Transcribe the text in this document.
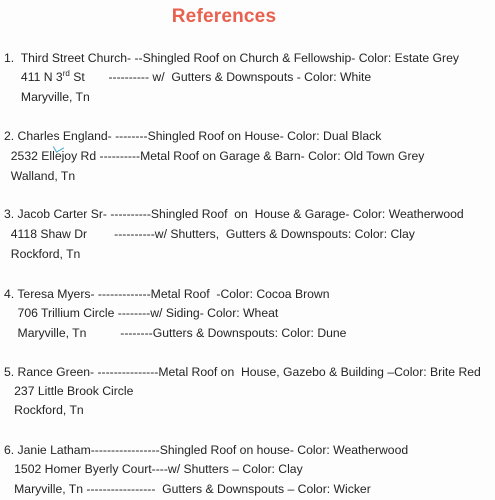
References
1.  Third Street Church- --Shingled Roof on Church & Fellowship- Color: Estate Grey
411 N 3rd St       ---------- w/  Gutters & Downspouts - Color: White
Maryville, Tn
2. Charles England- --------Shingled Roof on House- Color: Dual Black
2532 Ellejoy Rd ----------Metal Roof on Garage & Barn- Color: Old Town Grey
Walland, Tn
3. Jacob Carter Sr- ----------Shingled Roof  on  House & Garage- Color: Weatherwood
4118 Shaw Dr        ----------w/ Shutters,  Gutters & Downspouts: Color: Clay
Rockford, Tn
4. Teresa Myers- -------------Metal Roof  -Color: Cocoa Brown
706 Trillium Circle --------w/ Siding- Color: Wheat
Maryville, Tn          --------Gutters & Downspouts: Color: Dune
5. Rance Green- ---------------Metal Roof on  House, Gazebo & Building –Color: Brite Red
237 Little Brook Circle
Rockford, Tn
6. Janie Latham-----------------Shingled Roof on house- Color: Weatherwood
1502 Homer Byerly Court----w/ Shutters – Color: Clay
Maryville, Tn -----------------  Gutters & Downspouts – Color: Wicker
